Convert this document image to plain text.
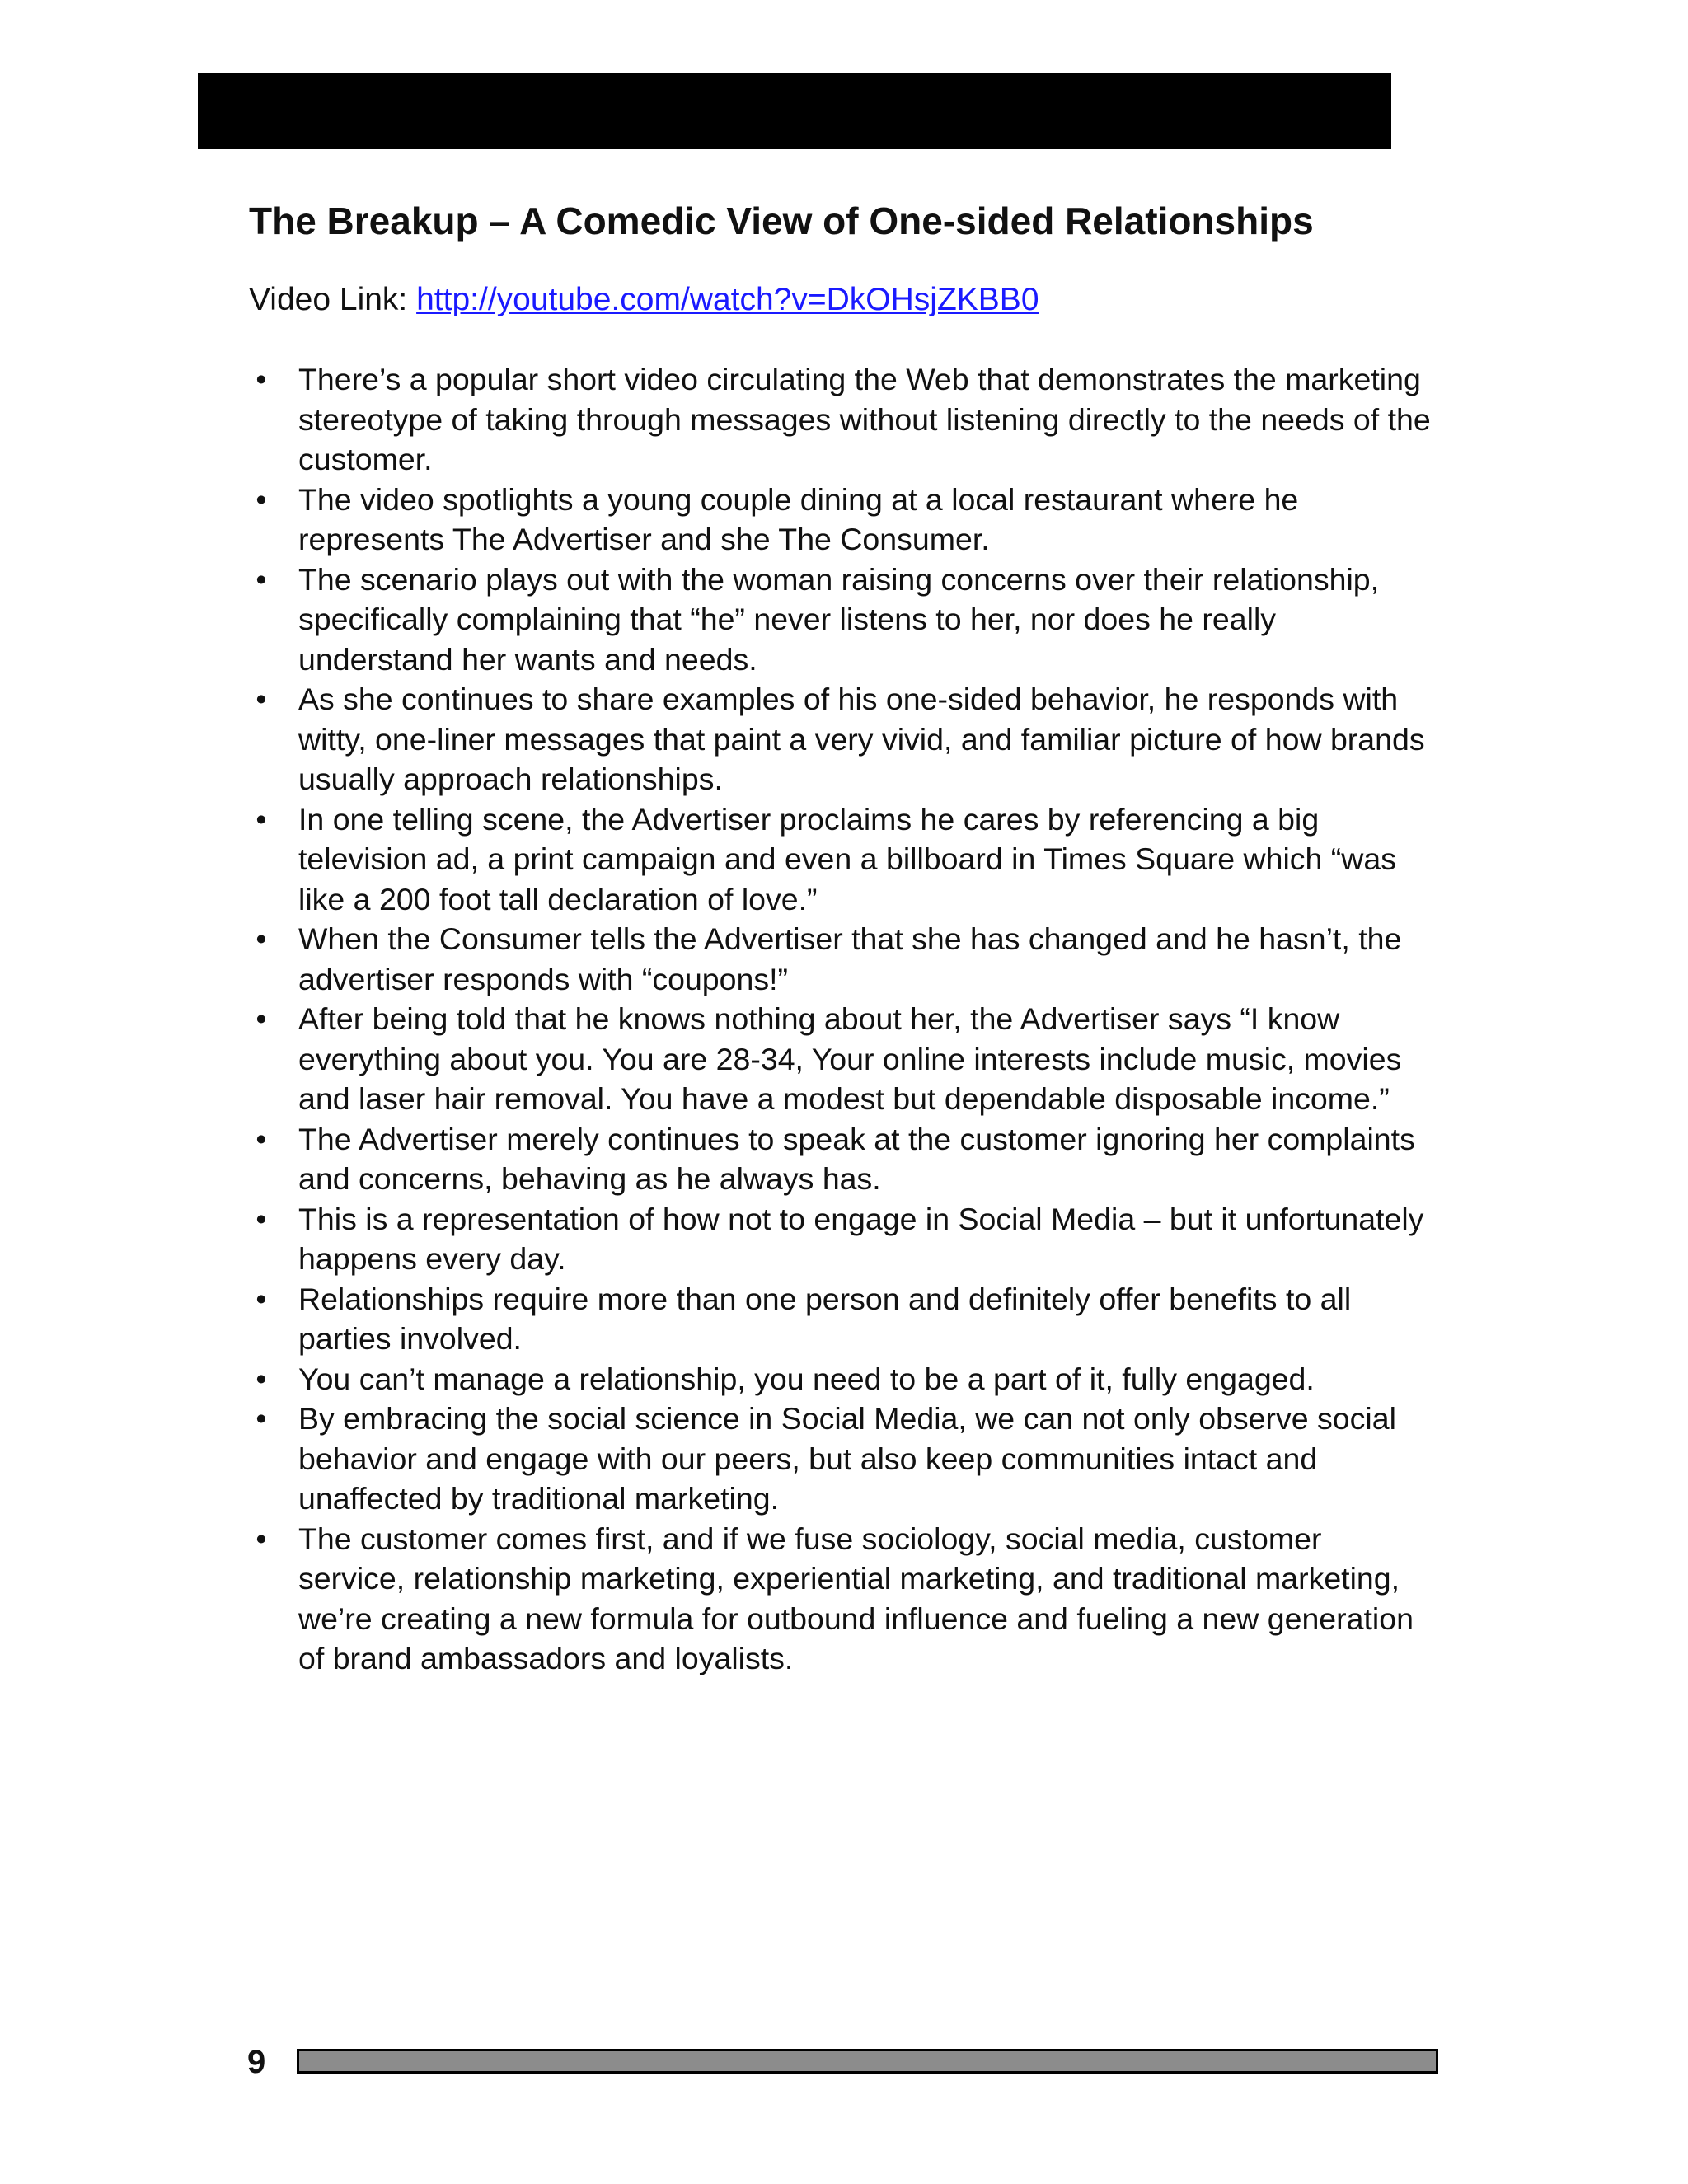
The Breakup – A Comedic View of One-sided Relationships
Video Link: http://youtube.com/watch?v=DkOHsjZKBB0
• There’s a popular short video circulating the Web that demonstrates the marketing stereotype of taking through messages without listening directly to the needs of the customer.
• The video spotlights a young couple dining at a local restaurant where he represents The Advertiser and she The Consumer.
• The scenario plays out with the woman raising concerns over their relationship, specifically complaining that “he” never listens to her, nor does he really understand her wants and needs.
• As she continues to share examples of his one-sided behavior, he responds with witty, one-liner messages that paint a very vivid, and familiar picture of how brands usually approach relationships.
• In one telling scene, the Advertiser proclaims he cares by referencing a big television ad, a print campaign and even a billboard in Times Square which “was like a 200 foot tall declaration of love.”
• When the Consumer tells the Advertiser that she has changed and he hasn’t, the advertiser responds with “coupons!”
• After being told that he knows nothing about her, the Advertiser says “I know everything about you. You are 28-34, Your online interests include music, movies and laser hair removal. You have a modest but dependable disposable income.”
• The Advertiser merely continues to speak at the customer ignoring her complaints and concerns, behaving as he always has.
• This is a representation of how not to engage in Social Media – but it unfortunately happens every day.
• Relationships require more than one person and definitely offer benefits to all parties involved.
• You can’t manage a relationship, you need to be a part of it, fully engaged.
• By embracing the social science in Social Media, we can not only observe social behavior and engage with our peers, but also keep communities intact and unaffected by traditional marketing.
• The customer comes first, and if we fuse sociology, social media, customer service, relationship marketing, experiential marketing, and traditional marketing, we’re creating a new formula for outbound influence and fueling a new generation of brand ambassadors and loyalists.
9
